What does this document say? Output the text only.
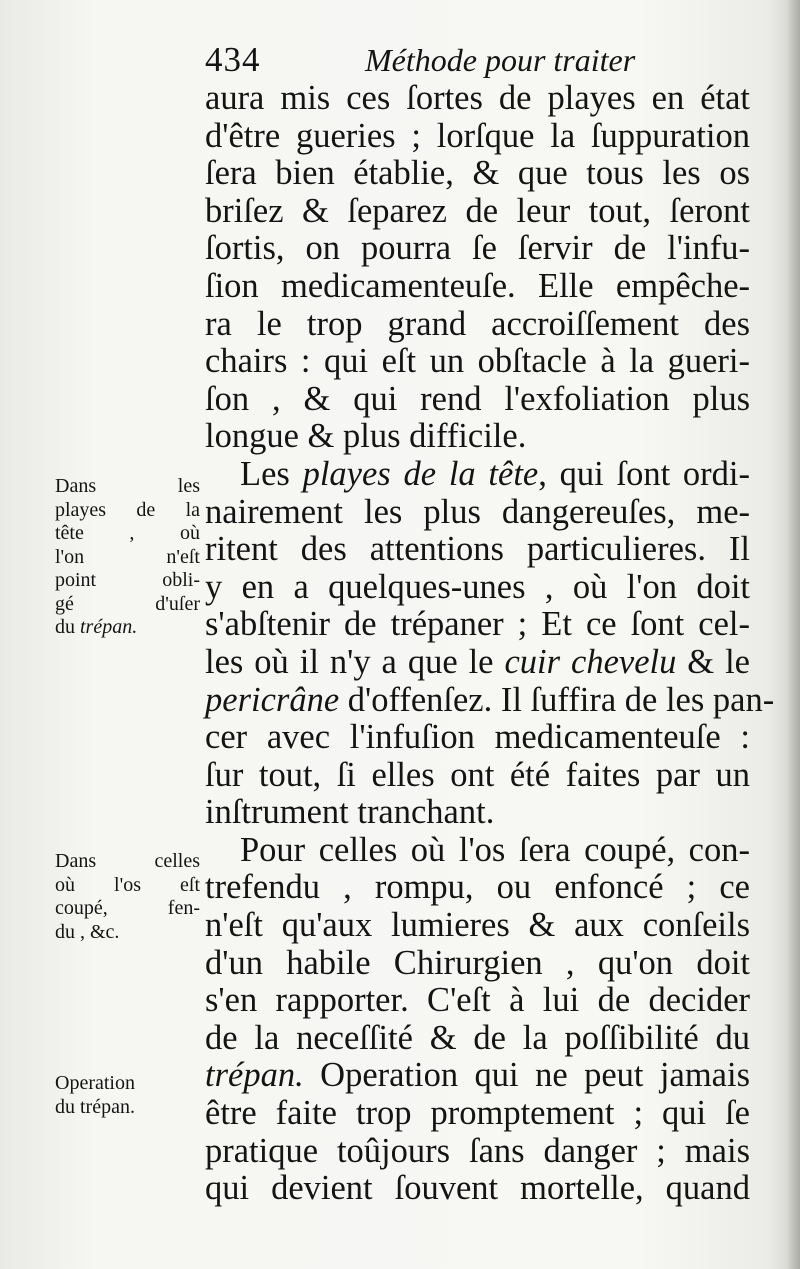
434	Méthode pour traiter
aura mis ces ſortes de playes en état
d'être gueries ; lorſque la ſuppuration
ſera bien établie, & que tous les os
briſez & ſeparez de leur tout, ſeront
ſortis, on pourra ſe ſervir de l'infu-
ſion medicamenteuſe. Elle empêche-
ra le trop grand accroiſſement des
chairs : qui eſt un obſtacle à la gueri-
ſon , & qui rend l'exfoliation plus
longue & plus difficile.
Les playes de la tête, qui ſont ordi-
nairement les plus dangereuſes, me-
ritent des attentions particulieres. Il
y en a quelques-unes , où l'on doit
s'abſtenir de trépaner ; Et ce ſont cel-
les où il n'y a que le cuir chevelu & le
pericrâne d'offenſez. Il ſuffira de les pan-
cer avec l'infuſion medicamenteuſe :
ſur tout, ſi elles ont été faites par un
inſtrument tranchant.
Pour celles où l'os ſera coupé, con-
trefendu , rompu, ou enfoncé ; ce
n'eſt qu'aux lumieres & aux conſeils
d'un habile Chirurgien , qu'on doit
s'en rapporter. C'eſt à lui de decider
de la neceſſité & de la poſſibilité du
trépan. Operation qui ne peut jamais
être faite trop promptement ; qui ſe
pratique toûjours ſans danger ; mais
qui devient ſouvent mortelle, quand
Dans les
playes de la
tête , où
l'on n'eſt
point obli-
gé d'uſer
du trépan.
Dans celles
où l'os eſt
coupé, fen-
du , &c.
Operation
du trépan.
